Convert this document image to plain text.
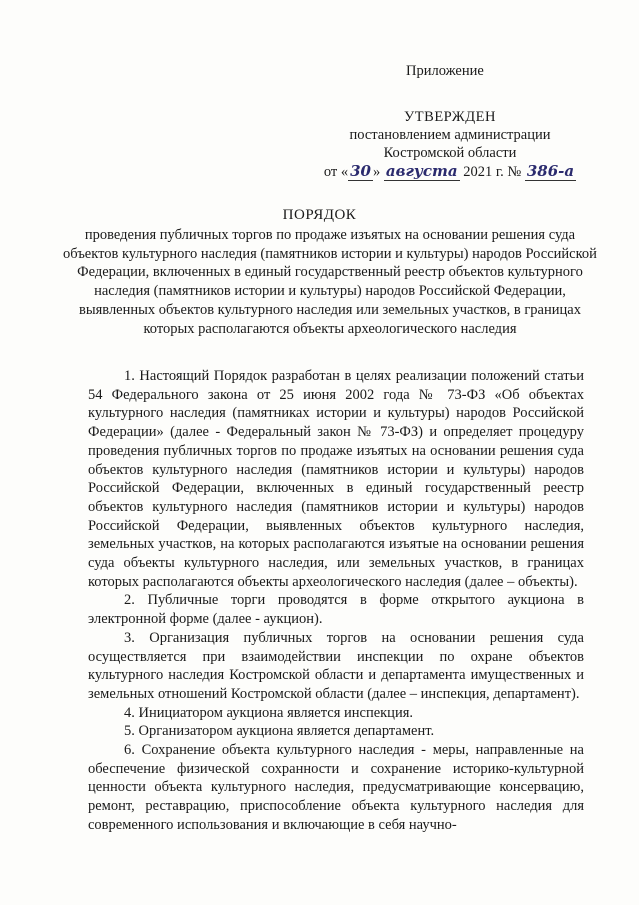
Приложение
УТВЕРЖДЕН
постановлением администрации
Костромской области
от « 30 » августа 2021 г. № 386-а
ПОРЯДОК
проведения публичных торгов по продаже изъятых на основании решения суда объектов культурного наследия (памятников истории и культуры) народов Российской Федерации, включенных в единый государственный реестр объектов культурного наследия (памятников истории и культуры) народов Российской Федерации, выявленных объектов культурного наследия или земельных участков, в границах которых располагаются объекты археологического наследия

1. Настоящий Порядок разработан в целях реализации положений статьи 54 Федерального закона от 25 июня 2002 года № 73-ФЗ «Об объектах культурного наследия (памятниках истории и культуры) народов Российской Федерации» (далее - Федеральный закон № 73-ФЗ) и определяет процедуру проведения публичных торгов по продаже изъятых на основании решения суда объектов культурного наследия (памятников истории и культуры) народов Российской Федерации, включенных в единый государственный реестр объектов культурного наследия (памятников истории и культуры) народов Российской Федерации, выявленных объектов культурного наследия, земельных участков, на которых располагаются изъятые на основании решения суда объекты культурного наследия, или земельных участков, в границах которых располагаются объекты археологического наследия (далее – объекты).

2. Публичные торги проводятся в форме открытого аукциона в электронной форме (далее - аукцион).

3. Организация публичных торгов на основании решения суда осуществляется при взаимодействии инспекции по охране объектов культурного наследия Костромской области и департамента имущественных и земельных отношений Костромской области (далее – инспекция, департамент).

4. Инициатором аукциона является инспекция.

5. Организатором аукциона является департамент.

6. Сохранение объекта культурного наследия - меры, направленные на обеспечение физической сохранности и сохранение историко-культурной ценности объекта культурного наследия, предусматривающие консервацию, ремонт, реставрацию, приспособление объекта культурного наследия для современного использования и включающие в себя научно-
